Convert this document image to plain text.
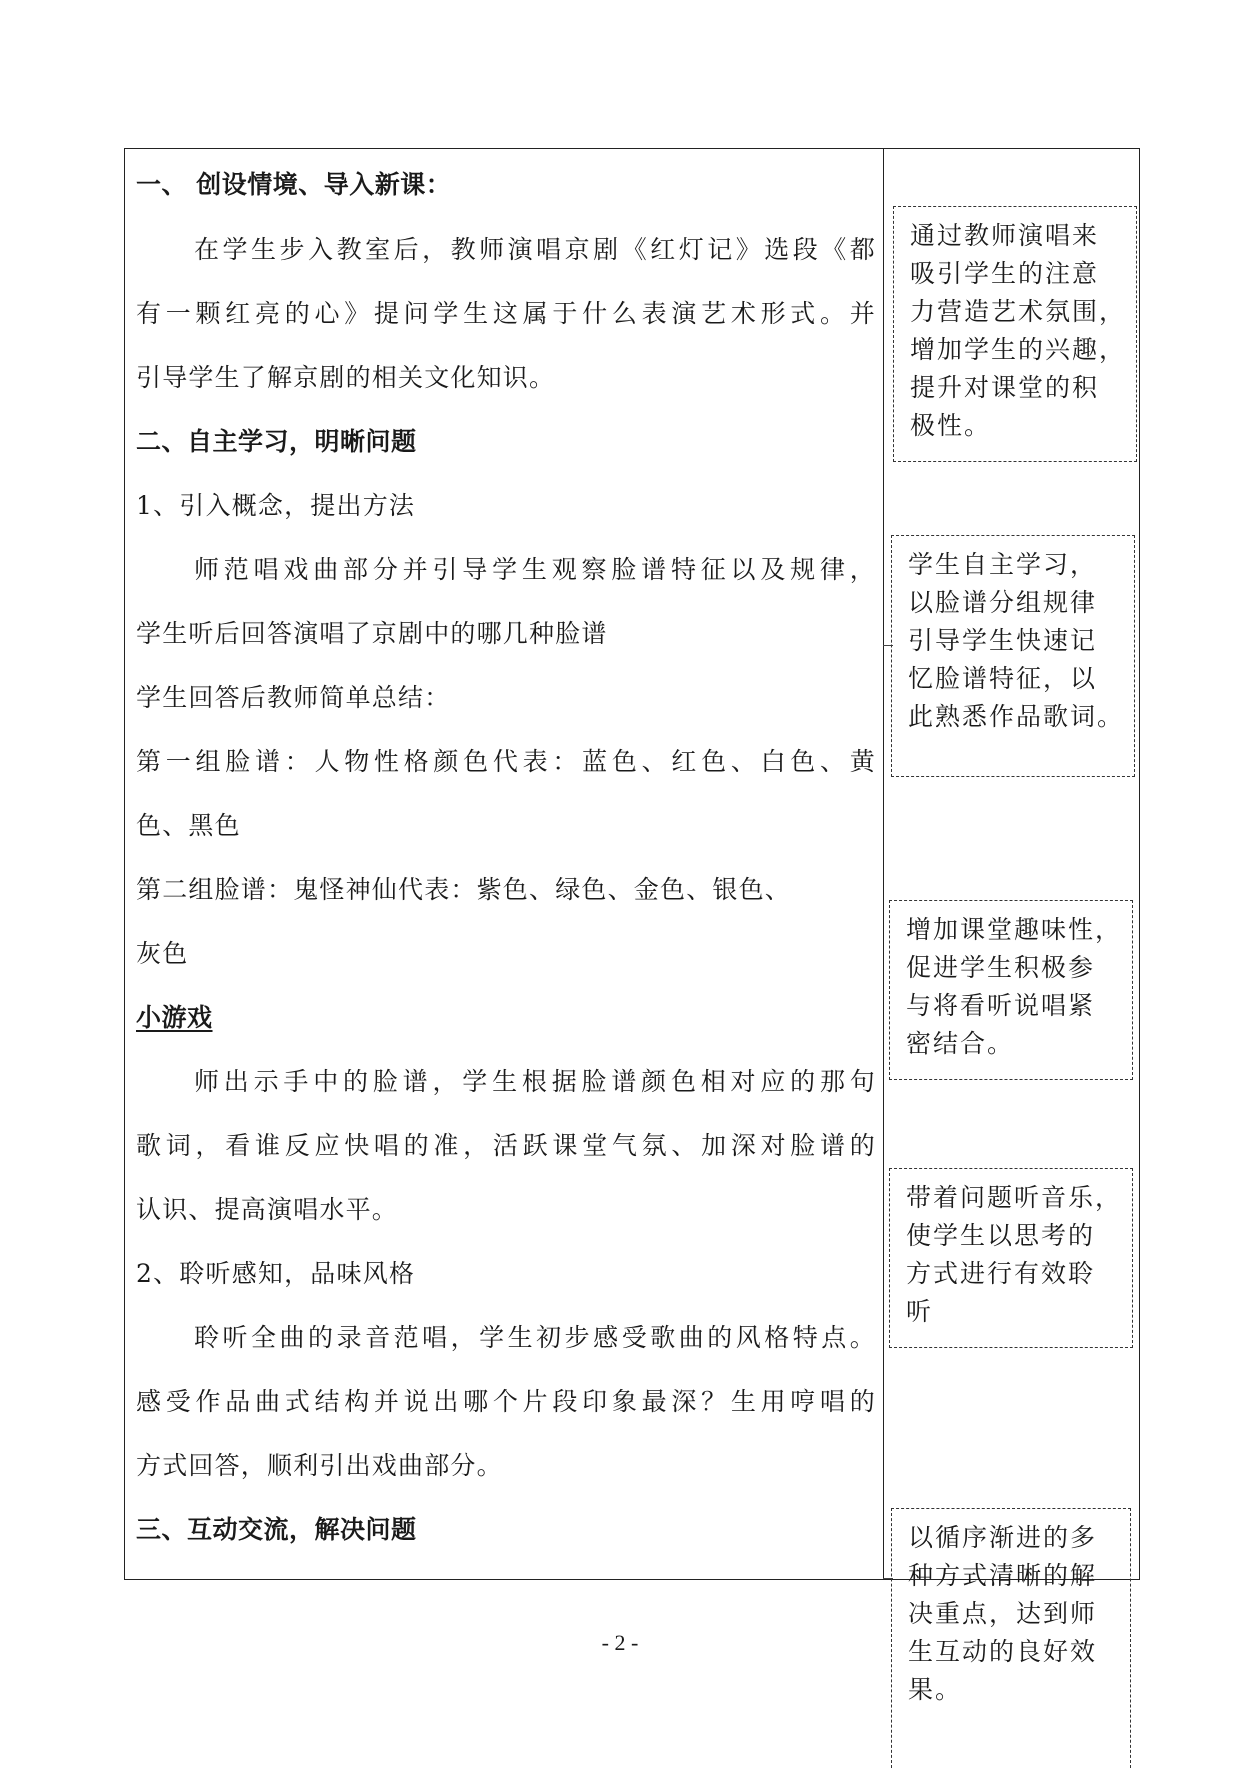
一、 创设情境、导入新课：
在学生步入教室后，教师演唱京剧《红灯记》选段《都
有一颗红亮的心》提问学生这属于什么表演艺术形式。并
引导学生了解京剧的相关文化知识。
二、自主学习，明晰问题
1、引入概念，提出方法
师范唱戏曲部分并引导学生观察脸谱特征以及规律，
学生听后回答演唱了京剧中的哪几种脸谱
学生回答后教师简单总结：
第一组脸谱：人物性格颜色代表：蓝色、红色、白色、黄
色、黑色
第二组脸谱：鬼怪神仙代表：紫色、绿色、金色、银色、
灰色
小游戏
师出示手中的脸谱，学生根据脸谱颜色相对应的那句
歌词，看谁反应快唱的准，活跃课堂气氛、加深对脸谱的
认识、提高演唱水平。
2、聆听感知，品味风格
聆听全曲的录音范唱，学生初步感受歌曲的风格特点。
感受作品曲式结构并说出哪个片段印象最深？生用哼唱的
方式回答，顺利引出戏曲部分。
三、互动交流，解决问题
通过教师演唱来
吸引学生的注意
力营造艺术氛围，
增加学生的兴趣，
提升对课堂的积
极性。
学生自主学习，
以脸谱分组规律
引导学生快速记
忆脸谱特征，以
此熟悉作品歌词。
增加课堂趣味性，
促进学生积极参
与将看听说唱紧
密结合。
带着问题听音乐，
使学生以思考的
方式进行有效聆
听
以循序渐进的多
种方式清晰的解
决重点，达到师
生互动的良好效
果。
- 2 -
